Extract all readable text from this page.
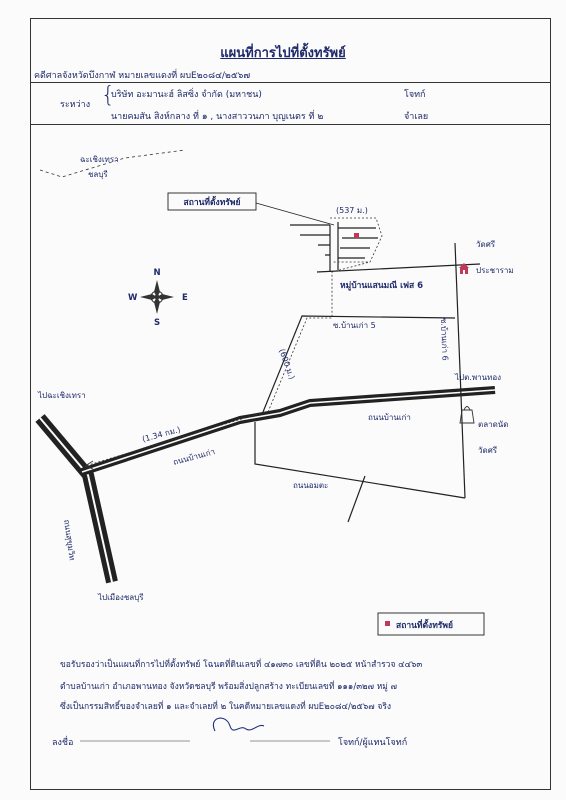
แผนที่การไปที่ตั้งทรัพย์
คดีศาลจังหวัดบึงกาฬ หมายเลขแดงที่ ผบE๒๐๘๔/๒๕๖๗
ระหว่าง {
บริษัท อะมานะฮ์ ลิสซิ่ง จำกัด (มหาชน)	โจทก์
นายคมสัน สิงห์กลาง ที่ ๑ , นางสาววนภา บุญเนตร ที่ ๒	จำเลย
ฉะเชิงเทรา
ชลบุรี
ถนนสุขุมวิท
ไปฉะเชิงเทรา
ไปเมืองชลบุรี
ถนนบ้านเก่า
ถนนบ้านเก่า
ไปต.พานทอง
(1.34 กม.)
ซ.บ้านเก่า 5
(600 ม.)
ซ.บ้านเก่า 6
หมู่บ้านแสนมณี เฟส 6
(537 ม.)
สถานที่ตั้งทรัพย์
ถนนอมตะ
วัดศรี
ประชาราม
ตลาดนัด
วัดศรี
N
S
E
W
สถานที่ตั้งทรัพย์
ขอรับรองว่าเป็นแผนที่การไปที่ตั้งทรัพย์ โฉนดที่ดินเลขที่ ๔๑๗๓๐ เลขที่ดิน ๒๐๒๕ หน้าสำรวจ ๔๔๖๓
ตำบลบ้านเก่า อำเภอพานทอง จังหวัดชลบุรี พร้อมสิ่งปลูกสร้าง ทะเบียนเลขที่ ๑๑๑/๓๒๗ หมู่ ๗
ซึ่งเป็นกรรมสิทธิ์ของจำเลยที่ ๑ และจำเลยที่ ๒ ในคดีหมายเลขแดงที่ ผบE๒๐๘๔/๒๕๖๗ จริง
ลงชื่อ	โจทก์/ผู้แทนโจทก์
